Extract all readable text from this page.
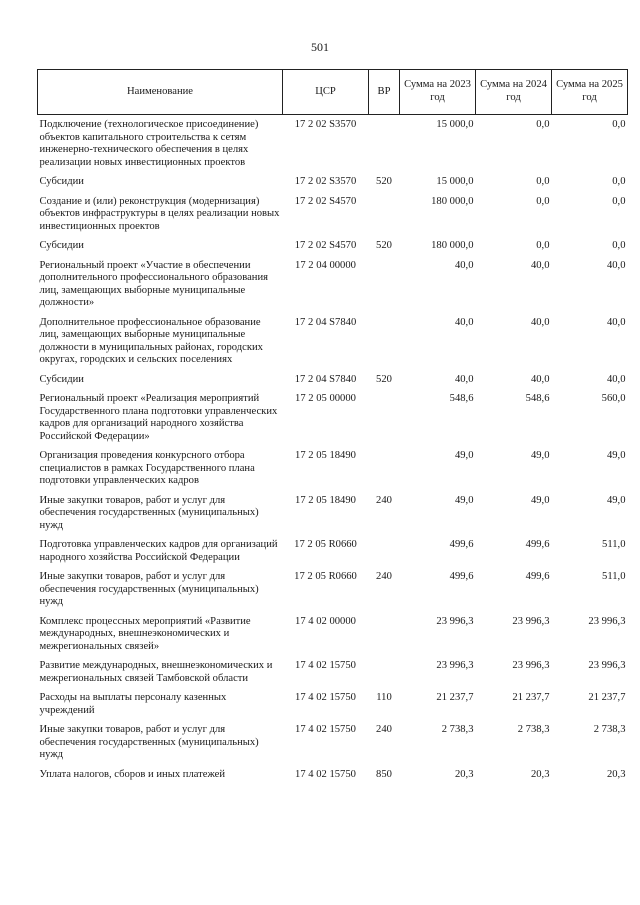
501
Наименование	ЦСР	ВР	Сумма на 2023 год	Сумма на 2024 год	Сумма на 2025 год
Подключение (технологическое присоединение) объектов капитального строительства к сетям инженерно-технического обеспечения в целях реализации новых инвестиционных проектов	17 2 02 S3570		15 000,0	0,0	0,0
Субсидии	17 2 02 S3570	520	15 000,0	0,0	0,0
Создание и (или) реконструкция (модернизация) объектов инфраструктуры в целях реализации новых инвестиционных проектов	17 2 02 S4570		180 000,0	0,0	0,0
Субсидии	17 2 02 S4570	520	180 000,0	0,0	0,0
Региональный проект «Участие в обеспечении дополнительного профессионального образования лиц, замещающих выборные муниципальные должности»	17 2 04 00000		40,0	40,0	40,0
Дополнительное профессиональное образование лиц, замещающих выборные муниципальные должности в муниципальных районах, городских округах, городских и сельских поселениях	17 2 04 S7840		40,0	40,0	40,0
Субсидии	17 2 04 S7840	520	40,0	40,0	40,0
Региональный проект «Реализация мероприятий Государственного плана подготовки управленческих кадров для организаций народного хозяйства Российской Федерации»	17 2 05 00000		548,6	548,6	560,0
Организация проведения конкурсного отбора специалистов в рамках Государственного плана подготовки управленческих кадров	17 2 05 18490		49,0	49,0	49,0
Иные закупки товаров, работ и услуг для обеспечения государственных (муниципальных) нужд	17 2 05 18490	240	49,0	49,0	49,0
Подготовка управленческих кадров для организаций народного хозяйства Российской Федерации	17 2 05 R0660		499,6	499,6	511,0
Иные закупки товаров, работ и услуг для обеспечения государственных (муниципальных) нужд	17 2 05 R0660	240	499,6	499,6	511,0
Комплекс процессных мероприятий «Развитие международных, внешнеэкономических и межрегиональных связей»	17 4 02 00000		23 996,3	23 996,3	23 996,3
Развитие международных, внешнеэкономических и межрегиональных связей Тамбовской области	17 4 02 15750		23 996,3	23 996,3	23 996,3
Расходы на выплаты персоналу казенных учреждений	17 4 02 15750	110	21 237,7	21 237,7	21 237,7
Иные закупки товаров, работ и услуг для обеспечения государственных (муниципальных) нужд	17 4 02 15750	240	2 738,3	2 738,3	2 738,3
Уплата налогов, сборов и иных платежей	17 4 02 15750	850	20,3	20,3	20,3
